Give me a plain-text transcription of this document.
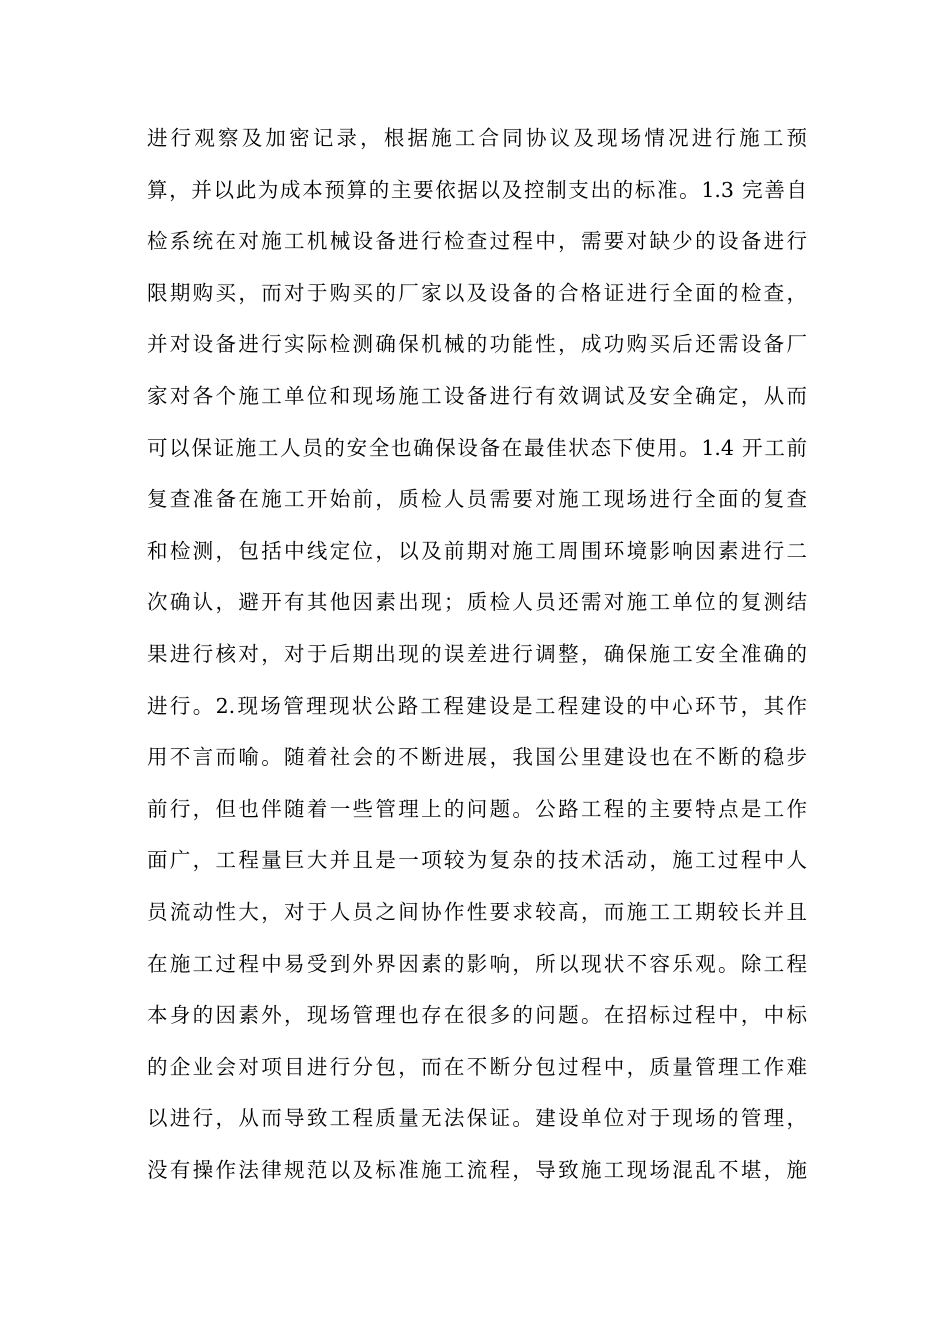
进行观察及加密记录，根据施工合同协议及现场情况进行施工预
算，并以此为成本预算的主要依据以及控制支出的标准。1.3 完善自
检系统在对施工机械设备进行检查过程中，需要对缺少的设备进行
限期购买，而对于购买的厂家以及设备的合格证进行全面的检查，
并对设备进行实际检测确保机械的功能性，成功购买后还需设备厂
家对各个施工单位和现场施工设备进行有效调试及安全确定，从而
可以保证施工人员的安全也确保设备在最佳状态下使用。1.4 开工前
复查准备在施工开始前，质检人员需要对施工现场进行全面的复查
和检测，包括中线定位，以及前期对施工周围环境影响因素进行二
次确认，避开有其他因素出现；质检人员还需对施工单位的复测结
果进行核对，对于后期出现的误差进行调整，确保施工安全准确的
进行。2.现场管理现状公路工程建设是工程建设的中心环节，其作
用不言而喻。随着社会的不断进展，我国公里建设也在不断的稳步
前行，但也伴随着一些管理上的问题。公路工程的主要特点是工作
面广，工程量巨大并且是一项较为复杂的技术活动，施工过程中人
员流动性大，对于人员之间协作性要求较高，而施工工期较长并且
在施工过程中易受到外界因素的影响，所以现状不容乐观。除工程
本身的因素外，现场管理也存在很多的问题。在招标过程中，中标
的企业会对项目进行分包，而在不断分包过程中，质量管理工作难
以进行，从而导致工程质量无法保证。建设单位对于现场的管理，
没有操作法律规范以及标准施工流程，导致施工现场混乱不堪，施
